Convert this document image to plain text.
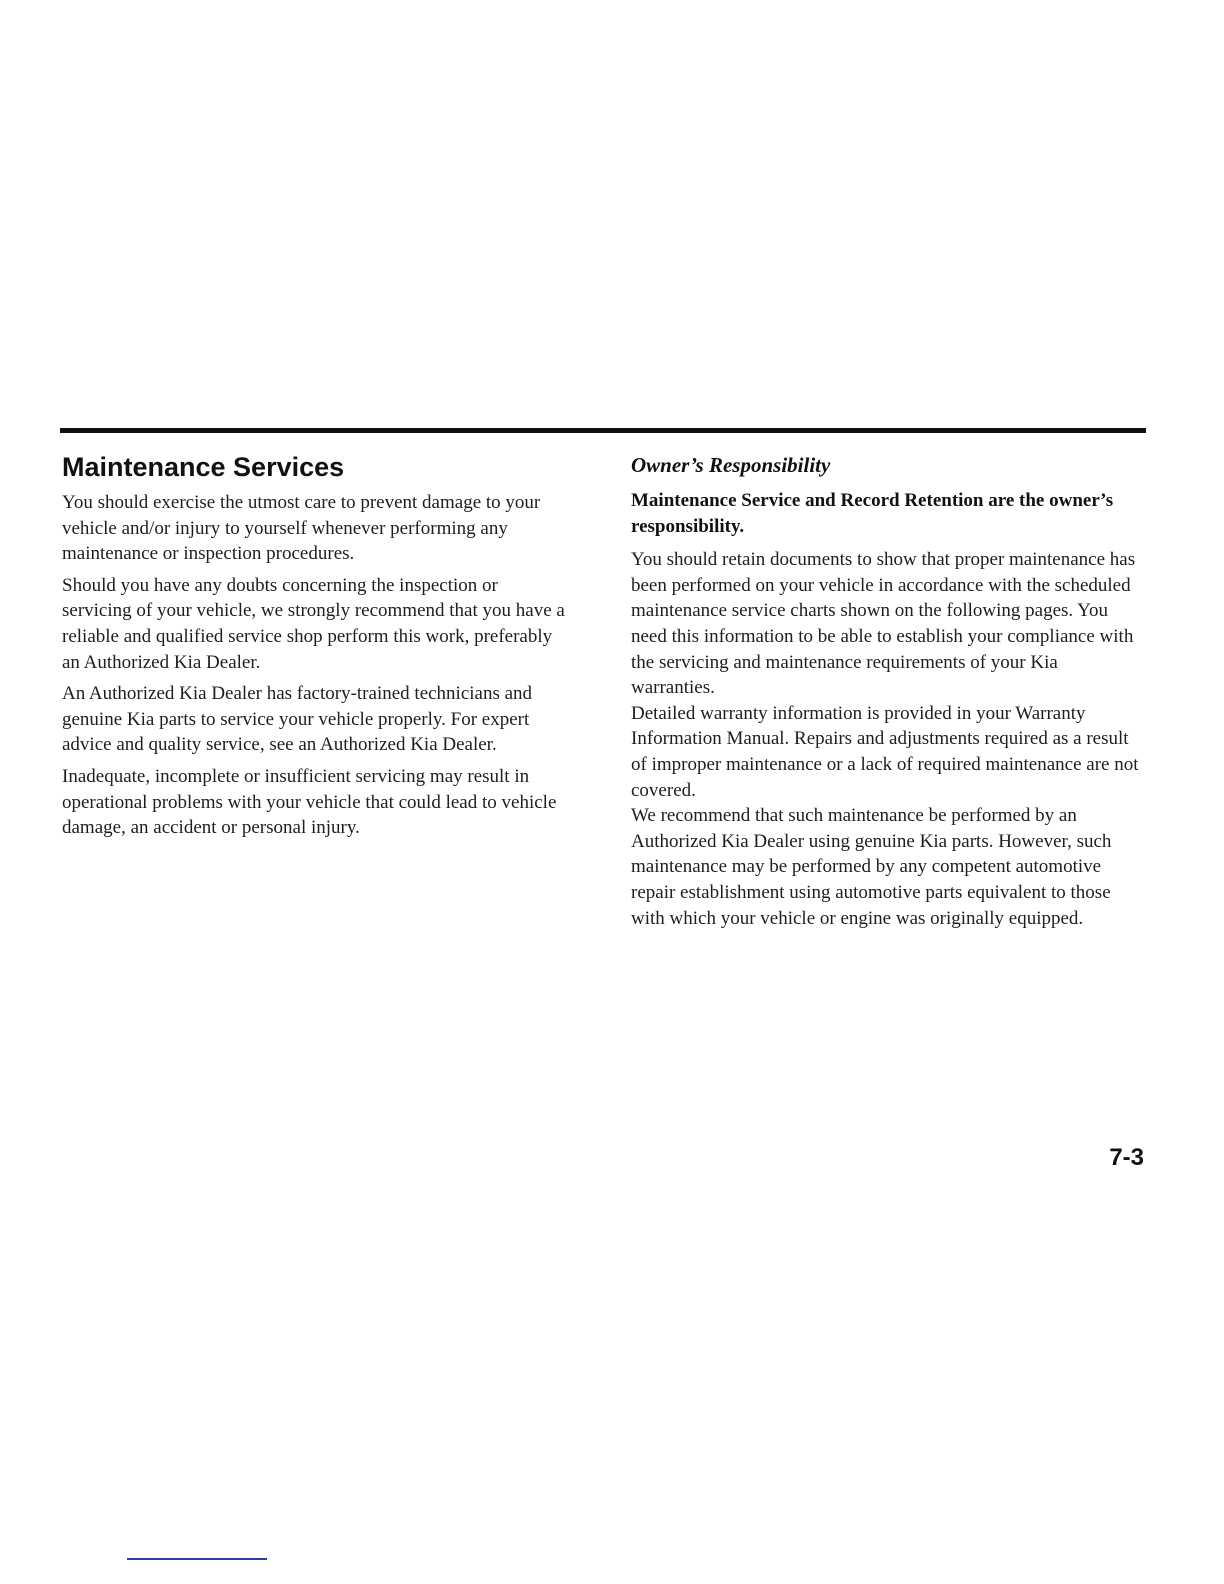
Maintenance Services

You should exercise the utmost care to prevent damage to your vehicle and/or injury to yourself whenever performing any maintenance or inspection procedures.

Should you have any doubts concerning the inspection or servicing of your vehicle, we strongly recommend that you have a reliable and qualified service shop perform this work, preferably an Authorized Kia Dealer.

An Authorized Kia Dealer has factory-trained technicians and genuine Kia parts to service your vehicle properly. For expert advice and quality service, see an Authorized Kia Dealer.

Inadequate, incomplete or insufficient servicing may result in operational problems with your vehicle that could lead to vehicle damage, an accident or personal injury.

Owner’s Responsibility

Maintenance Service and Record Retention are the owner’s responsibility.

You should retain documents to show that proper maintenance has been performed on your vehicle in accordance with the scheduled maintenance service charts shown on the following pages. You need this information to be able to establish your compliance with the servicing and maintenance requirements of your Kia warranties.

Detailed warranty information is provided in your Warranty Information Manual. Repairs and adjustments required as a result of improper maintenance or a lack of required maintenance are not covered.

We recommend that such maintenance be performed by an Authorized Kia Dealer using genuine Kia parts. However, such maintenance may be performed by any competent automotive repair establishment using automotive parts equivalent to those with which your vehicle or engine was originally equipped.

7-3
